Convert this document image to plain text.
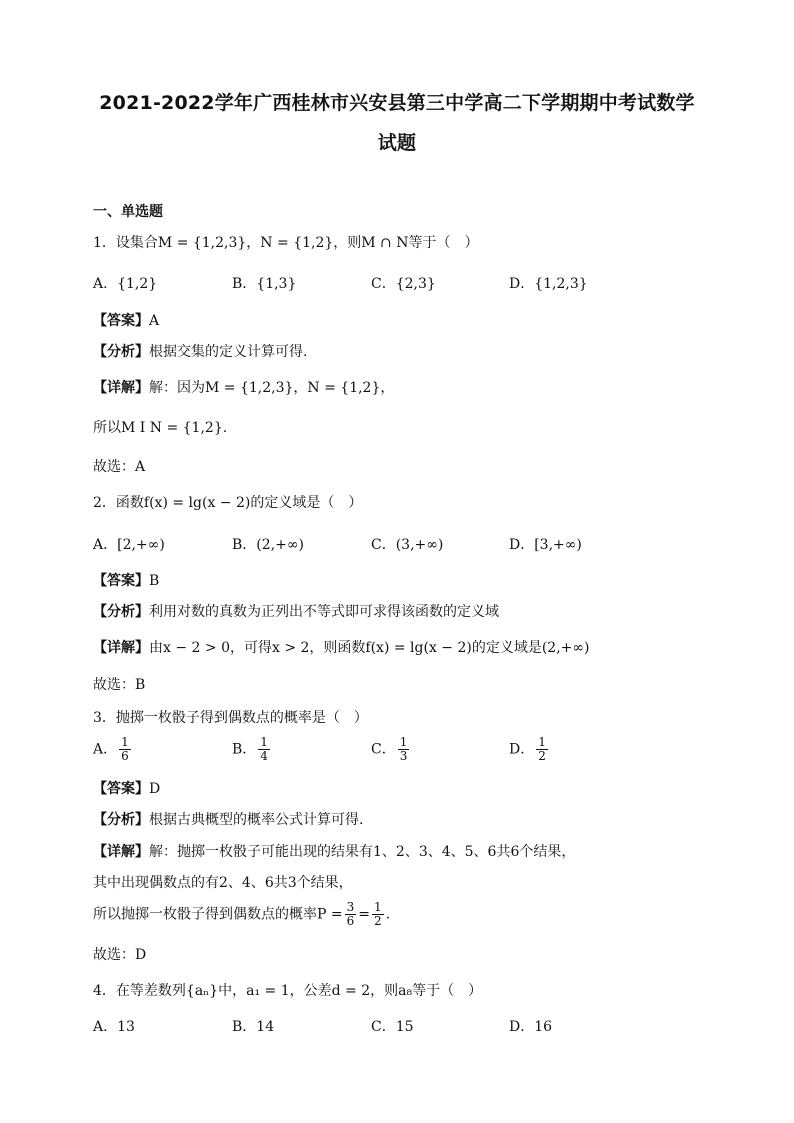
2021-2022学年广西桂林市兴安县第三中学高二下学期期中考试数学
试题
一、单选题
1．设集合M = {1,2,3}，N = {1,2}，则M ∩ N等于（　）
A．{1,2}	B．{1,3}	C．{2,3}	D．{1,2,3}
【答案】A
【分析】根据交集的定义计算可得.
【详解】解：因为M = {1,2,3}，N = {1,2}，
所以M I N = {1,2}.
故选：A
2．函数f(x) = lg(x − 2)的定义域是（　）
A．[2,+∞)	B．(2,+∞)	C．(3,+∞)	D．[3,+∞)
【答案】B
【分析】利用对数的真数为正列出不等式即可求得该函数的定义域
【详解】由x − 2 > 0，可得x > 2，则函数f(x) = lg(x − 2)的定义域是(2,+∞)
故选：B
3．抛掷一枚骰子得到偶数点的概率是（　）
A． $\frac{1}{6}$	B． $\frac{1}{4}$	C． $\frac{1}{3}$	D． $\frac{1}{2}$
【答案】D
【分析】根据古典概型的概率公式计算可得.
【详解】解：抛掷一枚骰子可能出现的结果有1、2、3、4、5、6共6个结果，
其中出现偶数点的有2、4、6共3个结果，
所以抛掷一枚骰子得到偶数点的概率$P = \frac{3}{6} = \frac{1}{2}$ .
故选：D
4．在等差数列{aₙ}中，a₁ = 1，公差d = 2，则a₈等于（　）
A．13	B．14	C．15	D．16
